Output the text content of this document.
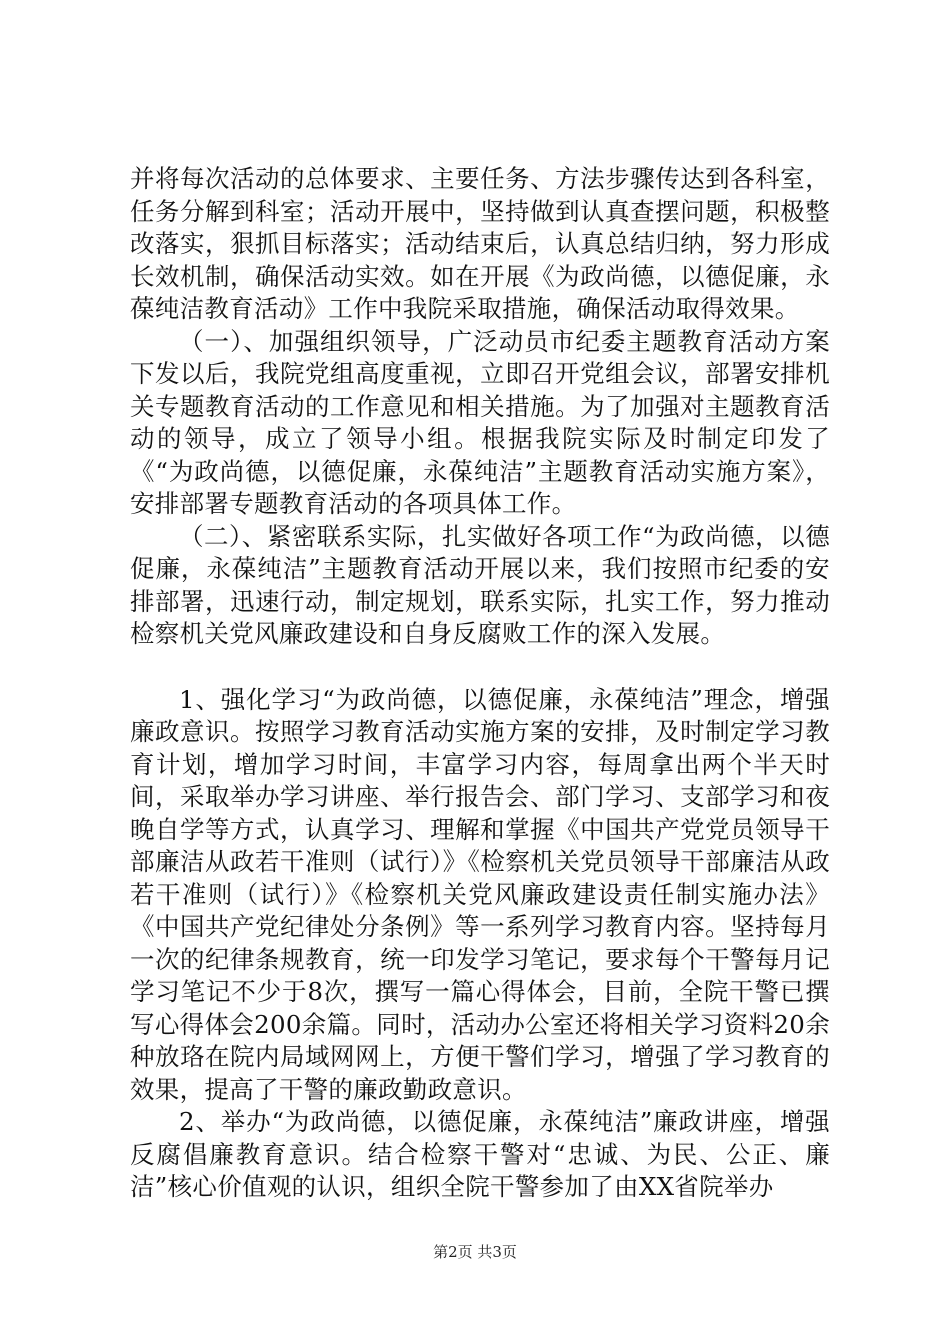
并将每次活动的总体要求、主要任务、方法步骤传达到各科室，任务分解到科室；活动开展中，坚持做到认真查摆问题，积极整改落实，狠抓目标落实；活动结束后，认真总结归纳，努力形成长效机制，确保活动实效。如在开展《为政尚德，以德促廉，永葆纯洁教育活动》工作中我院采取措施，确保活动取得效果。

（一）、加强组织领导，广泛动员市纪委主题教育活动方案下发以后，我院党组高度重视，立即召开党组会议，部署安排机关专题教育活动的工作意见和相关措施。为了加强对主题教育活动的领导，成立了领导小组。根据我院实际及时制定印发了《“为政尚德，以德促廉，永葆纯洁”主题教育活动实施方案》，安排部署专题教育活动的各项具体工作。

（二）、紧密联系实际，扎实做好各项工作“为政尚德，以德促廉，永葆纯洁”主题教育活动开展以来，我们按照市纪委的安排部署，迅速行动，制定规划，联系实际，扎实工作，努力推动检察机关党风廉政建设和自身反腐败工作的深入发展。

1、强化学习“为政尚德，以德促廉，永葆纯洁”理念，增强廉政意识。按照学习教育活动实施方案的安排，及时制定学习教育计划，增加学习时间，丰富学习内容，每周拿出两个半天时间，采取举办学习讲座、举行报告会、部门学习、支部学习和夜晚自学等方式，认真学习、理解和掌握《中国共产党党员领导干部廉洁从政若干准则（试行）》《检察机关党员领导干部廉洁从政若干准则（试行）》《检察机关党风廉政建设责任制实施办法》《中国共产党纪律处分条例》等一系列学习教育内容。坚持每月一次的纪律条规教育，统一印发学习笔记，要求每个干警每月记学习笔记不少于8次，撰写一篇心得体会，目前，全院干警已撰写心得体会200余篇。同时，活动办公室还将相关学习资料20余种放珞在院内局域网网上，方便干警们学习，增强了学习教育的效果，提高了干警的廉政勤政意识。

2、举办“为政尚德，以德促廉，永葆纯洁”廉政讲座，增强反腐倡廉教育意识。结合检察干警对“忠诚、为民、公正、廉洁”核心价值观的认识，组织全院干警参加了由XX省院举办

第2页 共3页
